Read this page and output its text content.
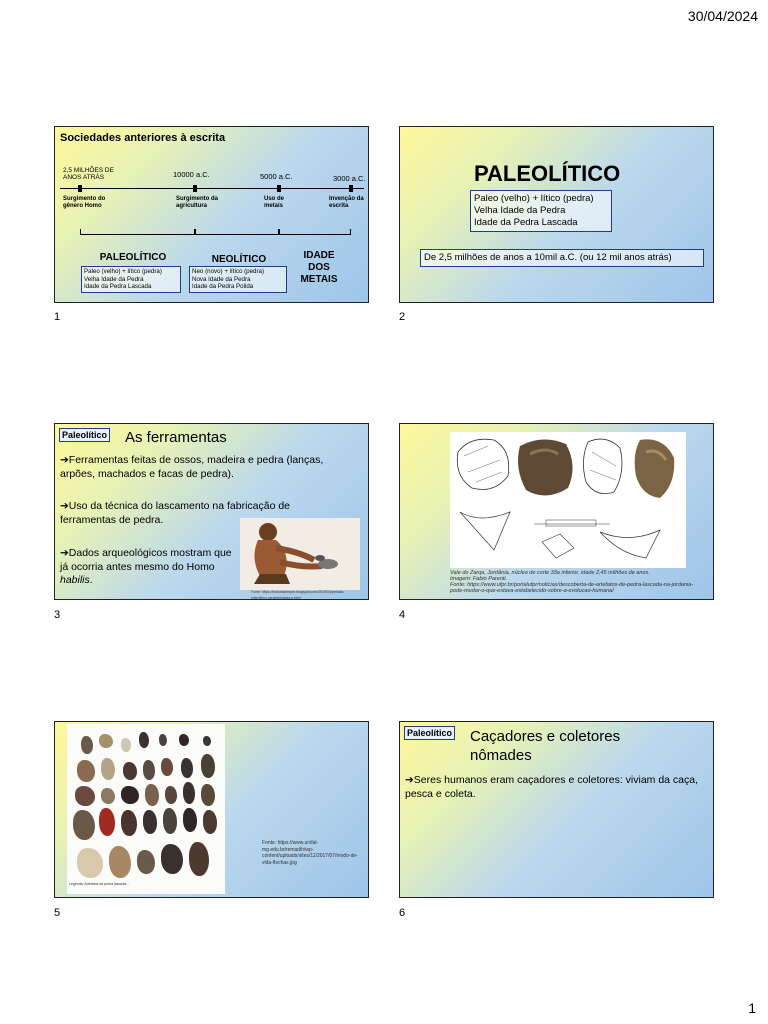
30/04/2024
Sociedades anteriores à escrita
2,5 MILHÕES DE ANOS ATRÁS	10000 a.C.	5000 a.C.	3000 a.C.
Surgimento do gênero Homo
Surgimento da agricultura
Uso de metais
Invenção da escrita
PALEOLÍTICO	NEOLÍTICO	IDADE DOS METAIS
Paleo (velho) + lítico (pedra)
Velha Idade da Pedra
Idade da Pedra Lascada
Neo (novo) + lítico (pedra)
Nova Idade da Pedra
Idade da Pedra Polida
1
PALEOLÍTICO
Paleo (velho) + lítico (pedra)
Velha Idade da Pedra
Idade da Pedra Lascada
De 2,5 milhões de anos a 10mil a.C. (ou 12 mil anos atrás)
2
Paleolítico As ferramentas
➔Ferramentas feitas de ossos, madeira e pedra (lanças, arpões, machados e facas de pedra).
➔Uso da técnica do lascamento na fabricação de ferramentas de pedra.
➔Dados arqueológicos mostram que já ocorria antes mesmo do Homo habilis.
Fonte: https://historiasempre.blogspot.com/2019/04/periodo-paleolitico-caracteristicas-e.html
3
Vale do Zarqa, Jordânia, núcleo de corte 33a inferior, idade 2,45 milhões de anos.
Imagem: Fabio Parenti.
Fonte: https://www.ufpr.br/portalufpr/noticias/descoberta-de-artefatos-de-pedra-lascada-na-jordania-pode-mudar-o-que-estava-estabelecido-sobre-a-evolucao-humana/
4
Legenda: Artefatos de pedra lascada...
Fonte: https://www.unifal-mg.edu.br/remadih/wp-content/uploads/sites/11/2017/07/modo-de-vida-flechas.jpg
5
Paleolítico Caçadores e coletores nômades
➔Seres humanos eram caçadores e coletores: viviam da caça, pesca e coleta.
6
1
